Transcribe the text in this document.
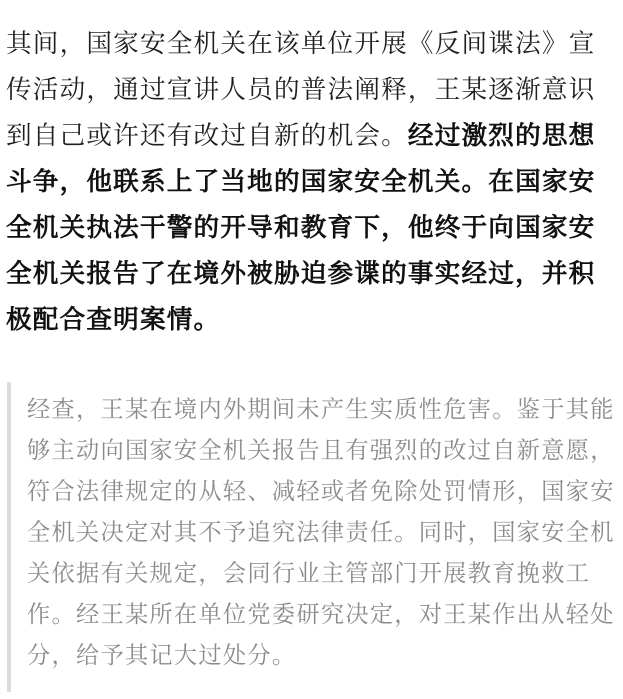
其间，国家安全机关在该单位开展《反间谍法》宣传活动，通过宣讲人员的普法阐释，王某逐渐意识到自己或许还有改过自新的机会。经过激烈的思想斗争，他联系上了当地的国家安全机关。在国家安全机关执法干警的开导和教育下，他终于向国家安全机关报告了在境外被胁迫参谍的事实经过，并积极配合查明案情。

经查，王某在境内外期间未产生实质性危害。鉴于其能够主动向国家安全机关报告且有强烈的改过自新意愿，符合法律规定的从轻、减轻或者免除处罚情形，国家安全机关决定对其不予追究法律责任。同时，国家安全机关依据有关规定，会同行业主管部门开展教育挽救工作。经王某所在单位党委研究决定，对王某作出从轻处分，给予其记大过处分。
